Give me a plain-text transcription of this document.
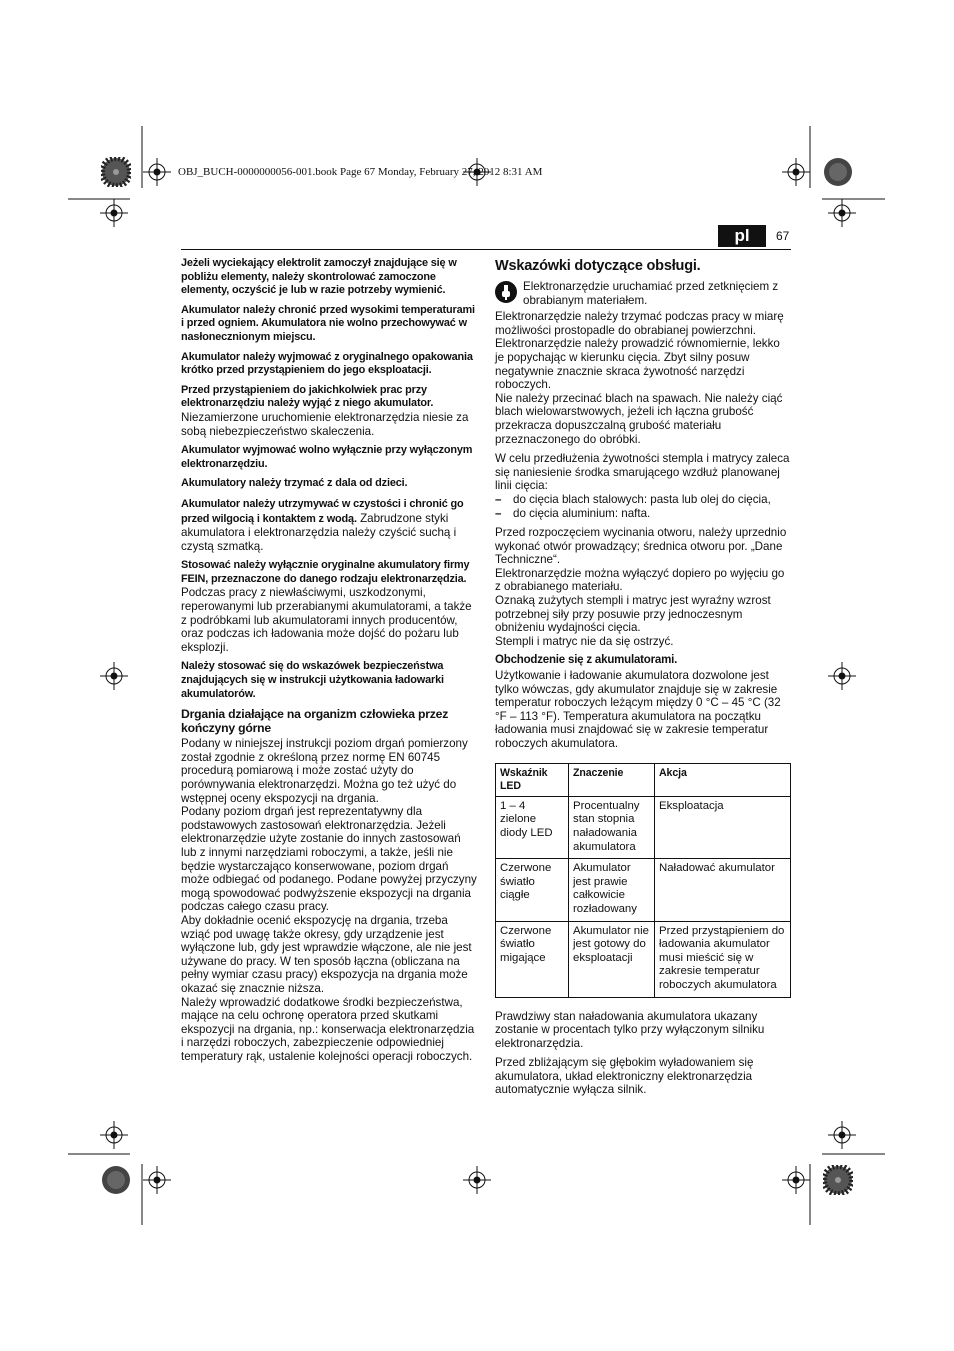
OBJ_BUCH-0000000056-001.book Page 67 Monday, February 27, 2012 8:31 AM
pl	67

Jeżeli wyciekający elektrolit zamoczył znajdujące się w pobliżu elementy, należy skontrolować zamoczone elementy, oczyścić je lub w razie potrzeby wymienić.

Akumulator należy chronić przed wysokimi temperaturami i przed ogniem. Akumulatora nie wolno przechowywać w nasłonecznionym miejscu.

Akumulator należy wyjmować z oryginalnego opakowania krótko przed przystąpieniem do jego eksploatacji.

Przed przystąpieniem do jakichkolwiek prac przy elektronarzędziu należy wyjąć z niego akumulator.
Niezamierzone uruchomienie elektronarzędzia niesie za sobą niebezpieczeństwo skaleczenia.

Akumulator wyjmować wolno wyłącznie przy wyłączonym elektronarzędziu.

Akumulatory należy trzymać z dala od dzieci.

Akumulator należy utrzymywać w czystości i chronić go przed wilgocią i kontaktem z wodą. Zabrudzone styki akumulatora i elektronarzędzia należy czyścić suchą i czystą szmatką.

Stosować należy wyłącznie oryginalne akumulatory firmy FEIN, przeznaczone do danego rodzaju elektronarzędzia.
Podczas pracy z niewłaściwymi, uszkodzonymi, reperowanymi lub przerabianymi akumulatorami, a także z podróbkami lub akumulatorami innych producentów, oraz podczas ich ładowania może dojść do pożaru lub eksplozji.

Należy stosować się do wskazówek bezpieczeństwa znajdujących się w instrukcji użytkowania ładowarki akumulatorów.

Drgania działające na organizm człowieka przez kończyny górne

Podany w niniejszej instrukcji poziom drgań pomierzony został zgodnie z określoną przez normę EN 60745 procedurą pomiarową i może zostać użyty do porównywania elektronarzędzi. Można go też użyć do wstępnej oceny ekspozycji na drgania.

Podany poziom drgań jest reprezentatywny dla podstawowych zastosowań elektronarzędzia. Jeżeli elektronarzędzie użyte zostanie do innych zastosowań lub z innymi narzędziami roboczymi, a także, jeśli nie będzie wystarczająco konserwowane, poziom drgań może odbiegać od podanego. Podane powyżej przyczyny mogą spowodować podwyższenie ekspozycji na drgania podczas całego czasu pracy.

Aby dokładnie ocenić ekspozycję na drgania, trzeba wziąć pod uwagę także okresy, gdy urządzenie jest wyłączone lub, gdy jest wprawdzie włączone, ale nie jest używane do pracy. W ten sposób łączna (obliczana na pełny wymiar czasu pracy) ekspozycja na drgania może okazać się znacznie niższa.

Należy wprowadzić dodatkowe środki bezpieczeństwa, mające na celu ochronę operatora przed skutkami ekspozycji na drgania, np.: konserwacja elektronarzędzia i narzędzi roboczych, zabezpieczenie odpowiedniej temperatury rąk, ustalenie kolejności operacji roboczych.

Wskazówki dotyczące obsługi.
Elektronarzędzie uruchamiać przed zetknięciem z obrabianym materiałem.

Elektronarzędzie należy trzymać podczas pracy w miarę możliwości prostopadle do obrabianej powierzchni.

Elektronarzędzie należy prowadzić równomiernie, lekko je popychając w kierunku cięcia. Zbyt silny posuw negatywnie znacznie skraca żywotność narzędzi roboczych.

Nie należy przecinać blach na spawach. Nie należy ciąć blach wielowarstwowych, jeżeli ich łączna grubość przekracza dopuszczalną grubość materiału przeznaczonego do obróbki.

W celu przedłużenia żywotności stempla i matrycy zaleca się naniesienie środka smarującego wzdłuż planowanej linii cięcia:

– do cięcia blach stalowych: pasta lub olej do cięcia,
– do cięcia aluminium: nafta.

Przed rozpoczęciem wycinania otworu, należy uprzednio wykonać otwór prowadzący; średnica otworu por. „Dane Techniczne“.

Elektronarzędzie można wyłączyć dopiero po wyjęciu go z obrabianego materiału.

Oznaką zużytych stempli i matryc jest wyraźny wzrost potrzebnej siły przy posuwie przy jednoczesnym obniżeniu wydajności cięcia.

Stempli i matryc nie da się ostrzyć.

Obchodzenie się z akumulatorami.

Użytkowanie i ładowanie akumulatora dozwolone jest tylko wówczas, gdy akumulator znajduje się w zakresie temperatur roboczych leżącym między 0 °C – 45 °C (32 °F – 113 °F). Temperatura akumulatora na początku ładowania musi znajdować się w zakresie temperatur roboczych akumulatora.

Wskaźnik LED	Znaczenie	Akcja
1 – 4 zielone diody LED	Procentualny stan stopnia naładowania akumulatora	Eksploatacja
Czerwone światło ciągłe	Akumulator jest prawie całkowicie rozładowany	Naładować akumulator
Czerwone światło migające	Akumulator nie jest gotowy do eksploatacji	Przed przystąpieniem do ładowania akumulator musi mieścić się w zakresie temperatur roboczych akumulatora

Prawdziwy stan naładowania akumulatora ukazany zostanie w procentach tylko przy wyłączonym silniku elektronarzędzia.

Przed zbliżającym się głębokim wyładowaniem się akumulatora, układ elektroniczny elektronarzędzia automatycznie wyłącza silnik.
